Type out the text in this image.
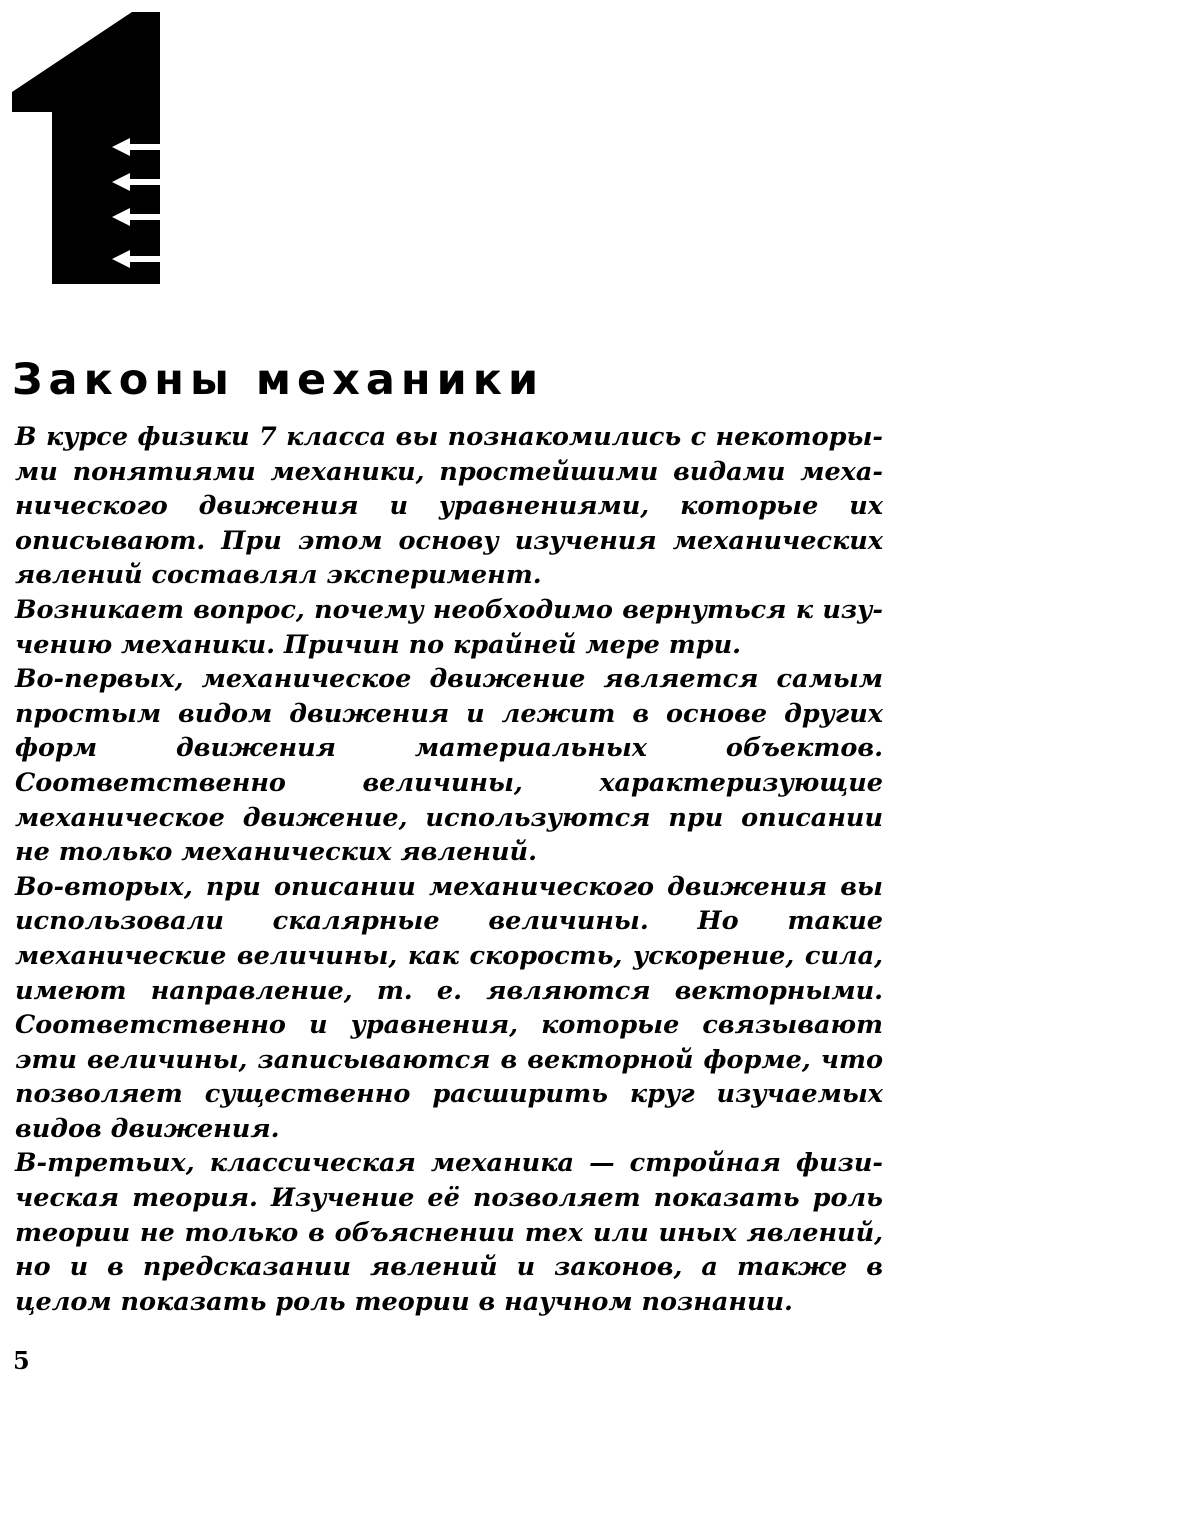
Законы механики

В курсе физики 7 класса вы познакомились с некоторыми понятиями механики, простейшими видами механического движения и уравнениями, которые их описывают. При этом основу изучения механических явлений составлял эксперимент.

Возникает вопрос, почему необходимо вернуться к изучению механики. Причин по крайней мере три.

Во-первых, механическое движение является самым простым видом движения и лежит в основе других форм движения материальных объектов. Соответственно величины, характеризующие механическое движение, используются при описании не только механических явлений.

Во-вторых, при описании механического движения вы использовали скалярные величины. Но такие механические величины, как скорость, ускорение, сила, имеют направление, т. е. являются векторными. Соответственно и уравнения, которые связывают эти величины, записываются в векторной форме, что позволяет существенно расширить круг изучаемых видов движения.

В-третьих, классическая механика — стройная физическая теория. Изучение её позволяет показать роль теории не только в объяснении тех или иных явлений, но и в предсказании явлений и законов, а также в целом показать роль теории в научном познании.

5
